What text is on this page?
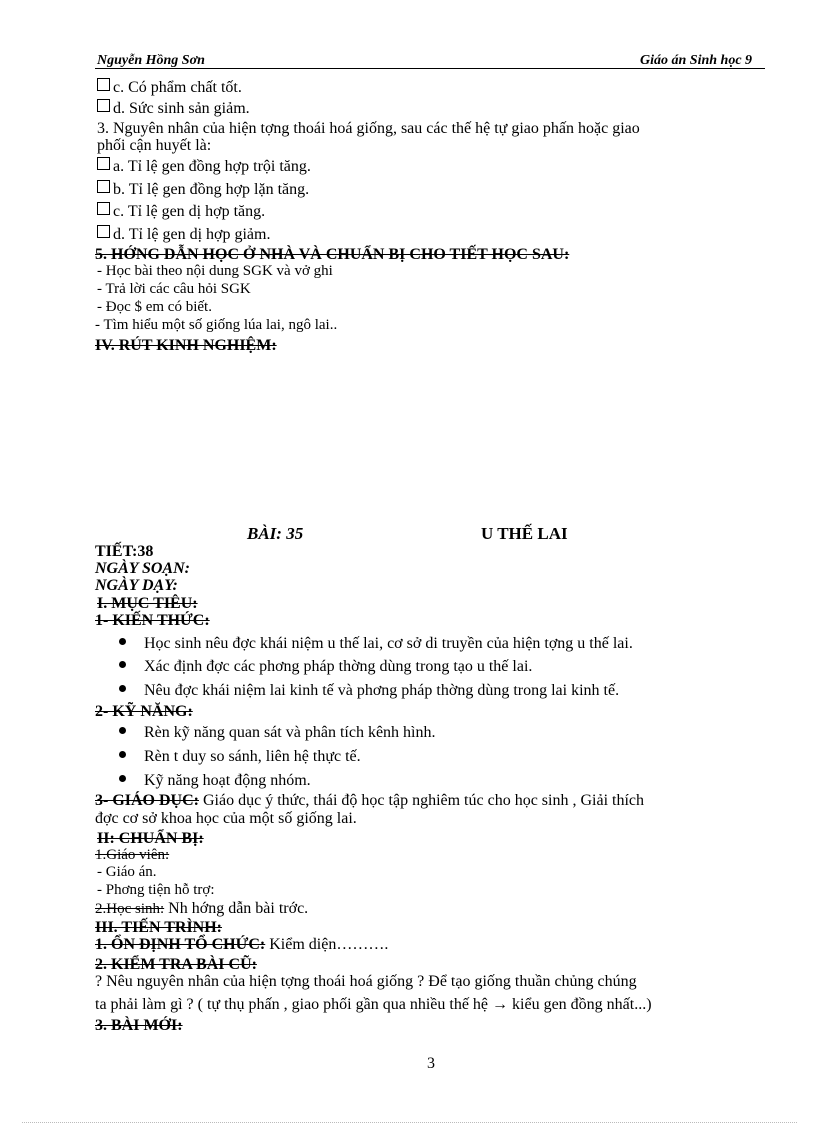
Nguyễn Hồng Sơn	Giáo án Sinh học 9
c. Có phẩm chất tốt.
d. Sức sinh sản giảm.
3. Nguyên nhân của hiện tợng thoái hoá giống, sau các thế hệ tự giao phấn hoặc giao
phối cận huyết là:
a. Tỉ lệ gen đồng hợp trội tăng.
b. Tỉ lệ gen đồng hợp lặn tăng.
c. Tỉ lệ gen dị hợp tăng.
d. Tỉ lệ gen dị hợp giảm.
5. HỚNG DẪN HỌC Ở NHÀ VÀ CHUẨN BỊ CHO TIẾT HỌC SAU:
- Học bài theo nội dung SGK và vở ghi
- Trả lời các câu hỏi SGK
- Đọc $ em có biết.
- Tìm hiểu một số giống lúa lai, ngô lai..
IV. RÚT KINH NGHIỆM:
BÀI: 35	U THẾ LAI
TIẾT:38
NGÀY SOẠN:
NGÀY DẠY:
I. MỤC TIÊU:
1- KIẾN THỨC:
Học sinh nêu đợc khái niệm u thế lai, cơ sở di truyền của hiện tợng u thế lai.
Xác định đợc các phơng pháp thờng dùng trong tạo u thế lai.
Nêu đợc khái niệm lai kinh tế và phơng pháp thờng dùng trong lai kinh tế.
2- KỸ NĂNG:
Rèn kỹ năng quan sát và phân tích kênh hình.
Rèn t duy so sánh, liên hệ thực tế.
Kỹ năng hoạt động nhóm.
3- GIÁO DỤC: Giáo dục ý thức, thái độ học tập nghiêm túc cho học sinh , Giải thích
đợc cơ sở khoa học của một số giống lai.
II: CHUẨN BỊ:
1.Giáo viên:
- Giáo án.
- Phơng tiện hỗ trợ:
2.Học sinh: Nh hớng dẫn bài trớc.
III. TIẾN TRÌNH:
1. ỔN ĐỊNH TỔ CHỨC: Kiểm diện……….
2. KIỂM TRA BÀI CŨ:
? Nêu nguyên nhân của hiện tợng thoái hoá giống ? Để tạo giống thuần chủng chúng
ta phải làm gì ? ( tự thụ phấn , giao phối gần qua nhiều thế hệ → kiểu gen đồng nhất...)
3. BÀI MỚI:
3
